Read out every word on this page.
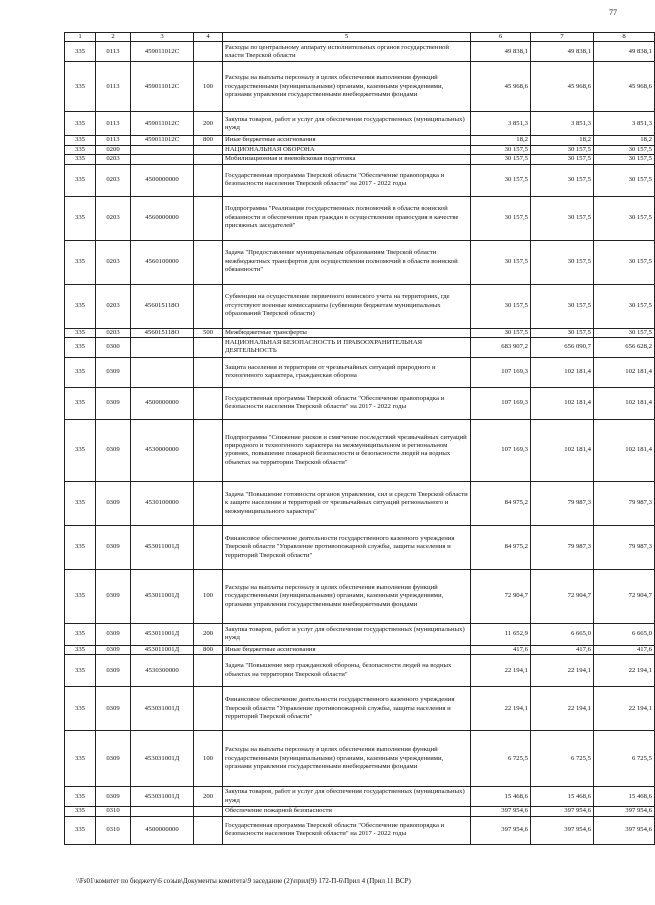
77
1	2	3	4	5	6	7	8
335	0113	459011012С		Расходы по центральному аппарату исполнительных органов государственной власти Тверской области	49 838,1	49 838,1	49 838,1
335	0113	459011012С	100	Расходы на выплаты персоналу в целях обеспечения выполнения функций государственными (муниципальными) органами, казенными учреждениями, органами управления государственными внебюджетными фондами	45 968,6	45 968,6	45 968,6
335	0113	459011012С	200	Закупка товаров, работ и услуг для обеспечения государственных (муниципальных) нужд	3 851,3	3 851,3	3 851,3
335	0113	459011012С	800	Иные бюджетные ассигнования	18,2	18,2	18,2
335	0200			НАЦИОНАЛЬНАЯ ОБОРОНА	30 157,5	30 157,5	30 157,5
335	0203			Мобилизационная и вневойсковая подготовка	30 157,5	30 157,5	30 157,5
335	0203	4500000000		Государственная программа Тверской области "Обеспечение правопорядка и безопасности населения Тверской области" на 2017 - 2022 годы	30 157,5	30 157,5	30 157,5
335	0203	4560000000		Подпрограмма "Реализация государственных полномочий в области воинской обязанности и обеспечения прав граждан в осуществлении правосудия в качестве присяжных заседателей"	30 157,5	30 157,5	30 157,5
335	0203	4560100000		Задача "Предоставление муниципальным образованиям Тверской области межбюджетных трансфертов для осуществления полномочий в области воинской обязанности"	30 157,5	30 157,5	30 157,5
335	0203	456015118О		Субвенции на осуществление первичного воинского учета на территориях, где отсутствуют военные комиссариаты (субвенции бюджетам муниципальных образований Тверской области)	30 157,5	30 157,5	30 157,5
335	0203	456015118О	500	Межбюджетные трансферты	30 157,5	30 157,5	30 157,5
335	0300			НАЦИОНАЛЬНАЯ БЕЗОПАСНОСТЬ И ПРАВООХРАНИТЕЛЬНАЯ ДЕЯТЕЛЬНОСТЬ	683 907,2	656 090,7	656 628,2
335	0309			Защита населения и территории от чрезвычайных ситуаций природного и техногенного характера, гражданская оборона	107 169,3	102 181,4	102 181,4
335	0309	4500000000		Государственная программа Тверской области "Обеспечение правопорядка и безопасности населения Тверской области" на 2017 - 2022 годы	107 169,3	102 181,4	102 181,4
335	0309	4530000000		Подпрограмма "Снижение рисков и смягчение последствий чрезвычайных ситуаций природного и техногенного характера на межмуниципальном и региональном уровнях, повышение пожарной безопасности и безопасности людей на водных объектах на территории Тверской области"	107 169,3	102 181,4	102 181,4
335	0309	4530100000		Задача "Повышение готовности органов управления, сил и средств Тверской области к защите населения и территорий от чрезвычайных ситуаций регионального и межмуниципального характера"	84 975,2	79 987,3	79 987,3
335	0309	453011001Д		Финансовое обеспечение деятельности государственного казенного учреждения Тверской области "Управление противопожарной службы, защиты населения и территорий Тверской области"	84 975,2	79 987,3	79 987,3
335	0309	453011001Д	100	Расходы на выплаты персоналу в целях обеспечения выполнения функций государственными (муниципальными) органами, казенными учреждениями, органами управления государственными внебюджетными фондами	72 904,7	72 904,7	72 904,7
335	0309	453011001Д	200	Закупка товаров, работ и услуг для обеспечения государственных (муниципальных) нужд	11 652,9	6 665,0	6 665,0
335	0309	453011001Д	800	Иные бюджетные ассигнования	417,6	417,6	417,6
335	0309	4530300000		Задача "Повышение мер гражданской обороны, безопасности людей на водных объектах на территории Тверской области"	22 194,1	22 194,1	22 194,1
335	0309	453031001Д		Финансовое обеспечение деятельности государственного казенного учреждения Тверской области "Управление противопожарной службы, защиты населения и территорий Тверской области"	22 194,1	22 194,1	22 194,1
335	0309	453031001Д	100	Расходы на выплаты персоналу в целях обеспечения выполнения функций государственными (муниципальными) органами, казенными учреждениями, органами управления государственными внебюджетными фондами	6 725,5	6 725,5	6 725,5
335	0309	453031001Д	200	Закупка товаров, работ и услуг для обеспечения государственных (муниципальных) нужд	15 468,6	15 468,6	15 468,6
335	0310			Обеспечение пожарной безопасности	397 954,6	397 954,6	397 954,6
335	0310	4500000000		Государственная программа Тверской области "Обеспечение правопорядка и безопасности населения Тверской области" на 2017 - 2022 годы	397 954,6	397 954,6	397 954,6
\\Fs01\комитет по бюджету\6 созыв\Документы комитета\9 заседание (2)\прил(9) 172-П-6\Прил 4 (Прил 11 ВСР)
